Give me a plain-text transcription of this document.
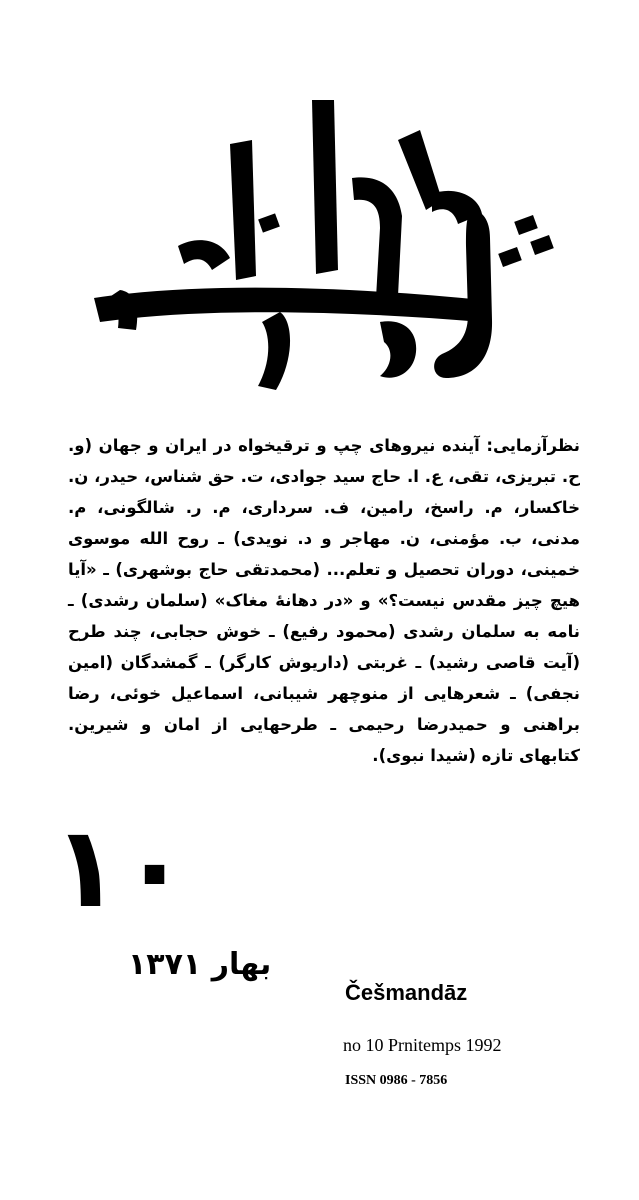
نظرآزمایی: آینده نیروهای چپ و ترقیخواه در ایران و جهان (و. ح. تبریزی، تقی، ع. ا. حاج سید جوادی، ت. حق شناس، حیدر، ن. خاکسار، م. راسخ، رامین، ف. سرداری، م. ر. شالگونی، م. مدنی، ب. مؤمنی، ن. مهاجر و د. نویدی) ـ روح الله موسوی خمینی، دوران تحصیل و تعلم... (محمدتقی حاج بوشهری) ـ «آیا هیچ چیز مقدس نیست؟» و «در دهانهٔ مغاک» (سلمان رشدی) ـ نامه به سلمان رشدی (محمود رفیع) ـ خوش حجابی، چند طرح (آیت قاصی رشید) ـ غربتی (داریوش کارگر) ـ گمشدگان (امین نجفی) ـ شعرهایی از منوچهر شیبانی، اسماعیل خوئی، رضا براهنی و حمیدرضا رحیمی ـ طرحهایی از امان و شیرین. کتابهای تازه (شیدا نبوی).

۱۰
بهار ۱۳۷۱
Češmandāz
no 10 Prnitemps 1992
ISSN 0986 - 7856
